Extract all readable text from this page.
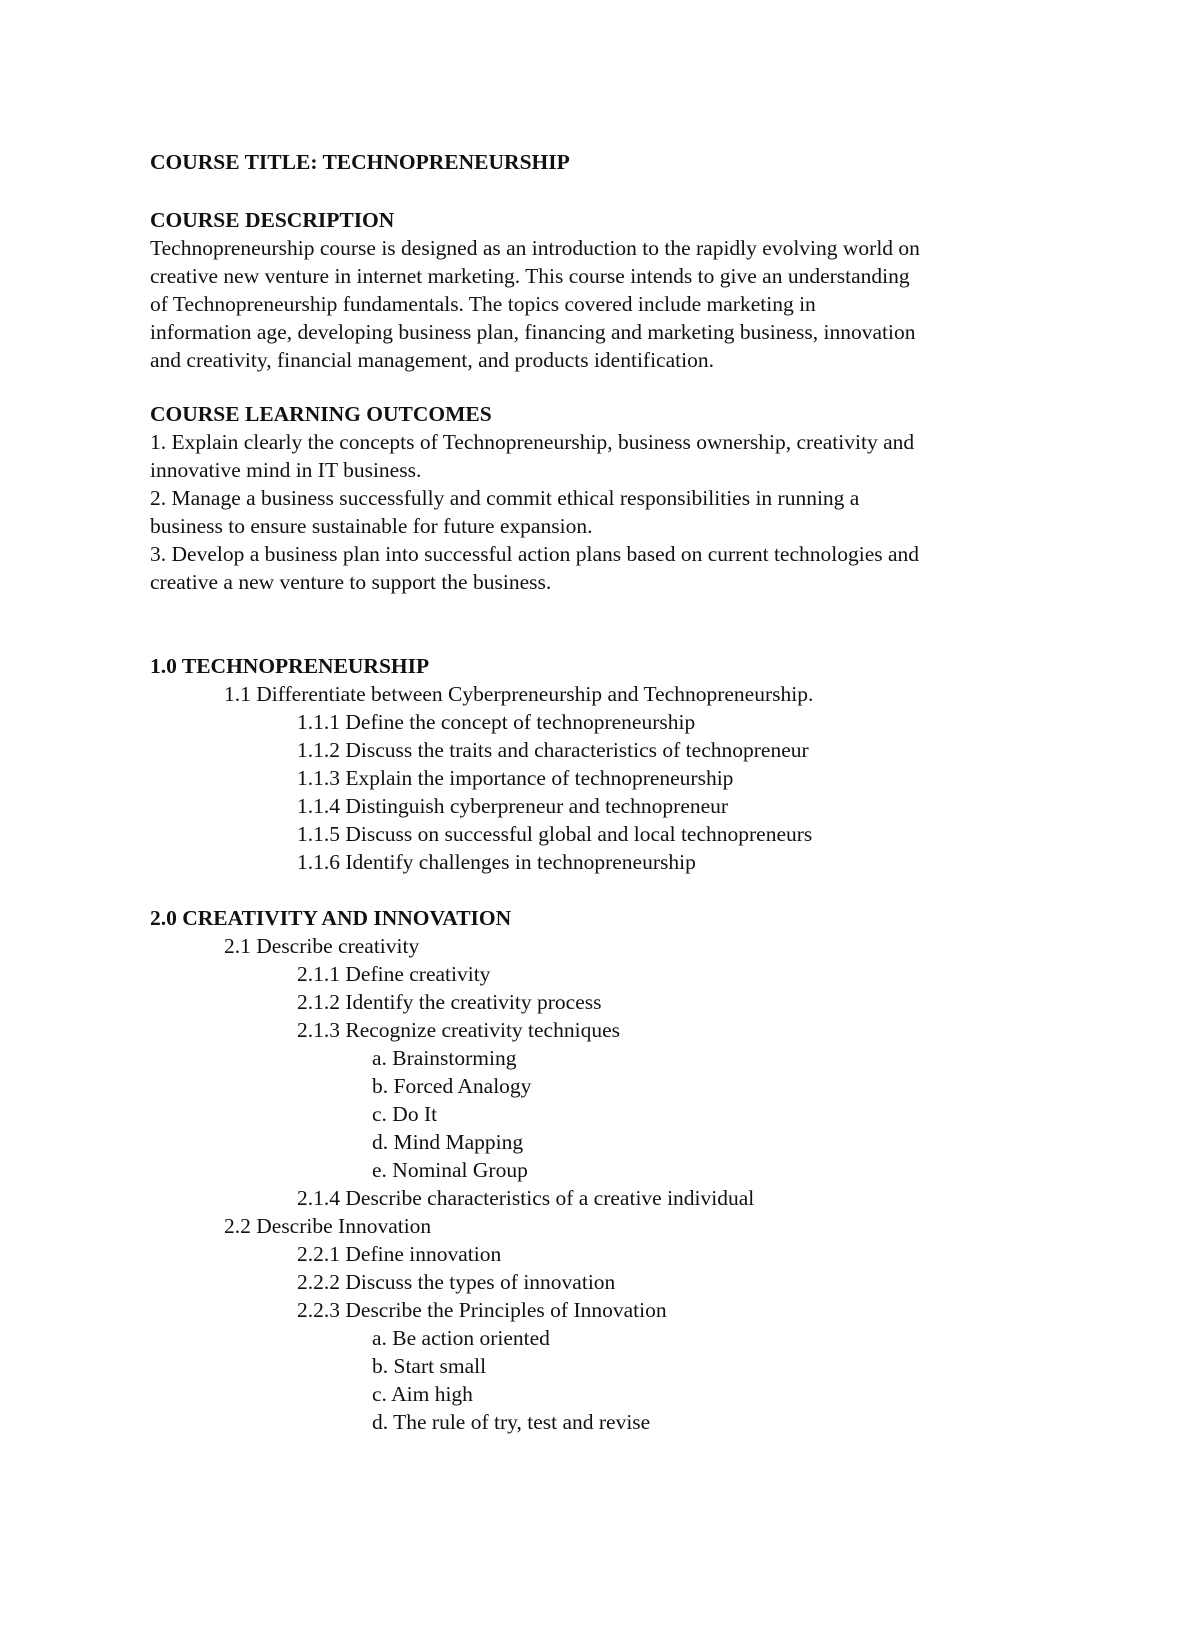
COURSE TITLE: TECHNOPRENEURSHIP
COURSE DESCRIPTION
Technopreneurship course is designed as an introduction to the rapidly evolving world on
creative new venture in internet marketing. This course intends to give an understanding
of Technopreneurship fundamentals. The topics covered include marketing in
information age, developing business plan, financing and marketing business, innovation
and creativity, financial management, and products identification.
COURSE LEARNING OUTCOMES
1. Explain clearly the concepts of Technopreneurship, business ownership, creativity and
innovative mind in IT business.
2. Manage a business successfully and commit ethical responsibilities in running a
business to ensure sustainable for future expansion.
3. Develop a business plan into successful action plans based on current technologies and
creative a new venture to support the business.
1.0 TECHNOPRENEURSHIP
1.1 Differentiate between Cyberpreneurship and Technopreneurship.
1.1.1 Define the concept of technopreneurship
1.1.2 Discuss the traits and characteristics of technopreneur
1.1.3 Explain the importance of technopreneurship
1.1.4 Distinguish cyberpreneur and technopreneur
1.1.5 Discuss on successful global and local technopreneurs
1.1.6 Identify challenges in technopreneurship
2.0 CREATIVITY AND INNOVATION
2.1 Describe creativity
2.1.1 Define creativity
2.1.2 Identify the creativity process
2.1.3 Recognize creativity techniques
a. Brainstorming
b. Forced Analogy
c. Do It
d. Mind Mapping
e. Nominal Group
2.1.4 Describe characteristics of a creative individual
2.2 Describe Innovation
2.2.1 Define innovation
2.2.2 Discuss the types of innovation
2.2.3 Describe the Principles of Innovation
a. Be action oriented
b. Start small
c. Aim high
d. The rule of try, test and revise
